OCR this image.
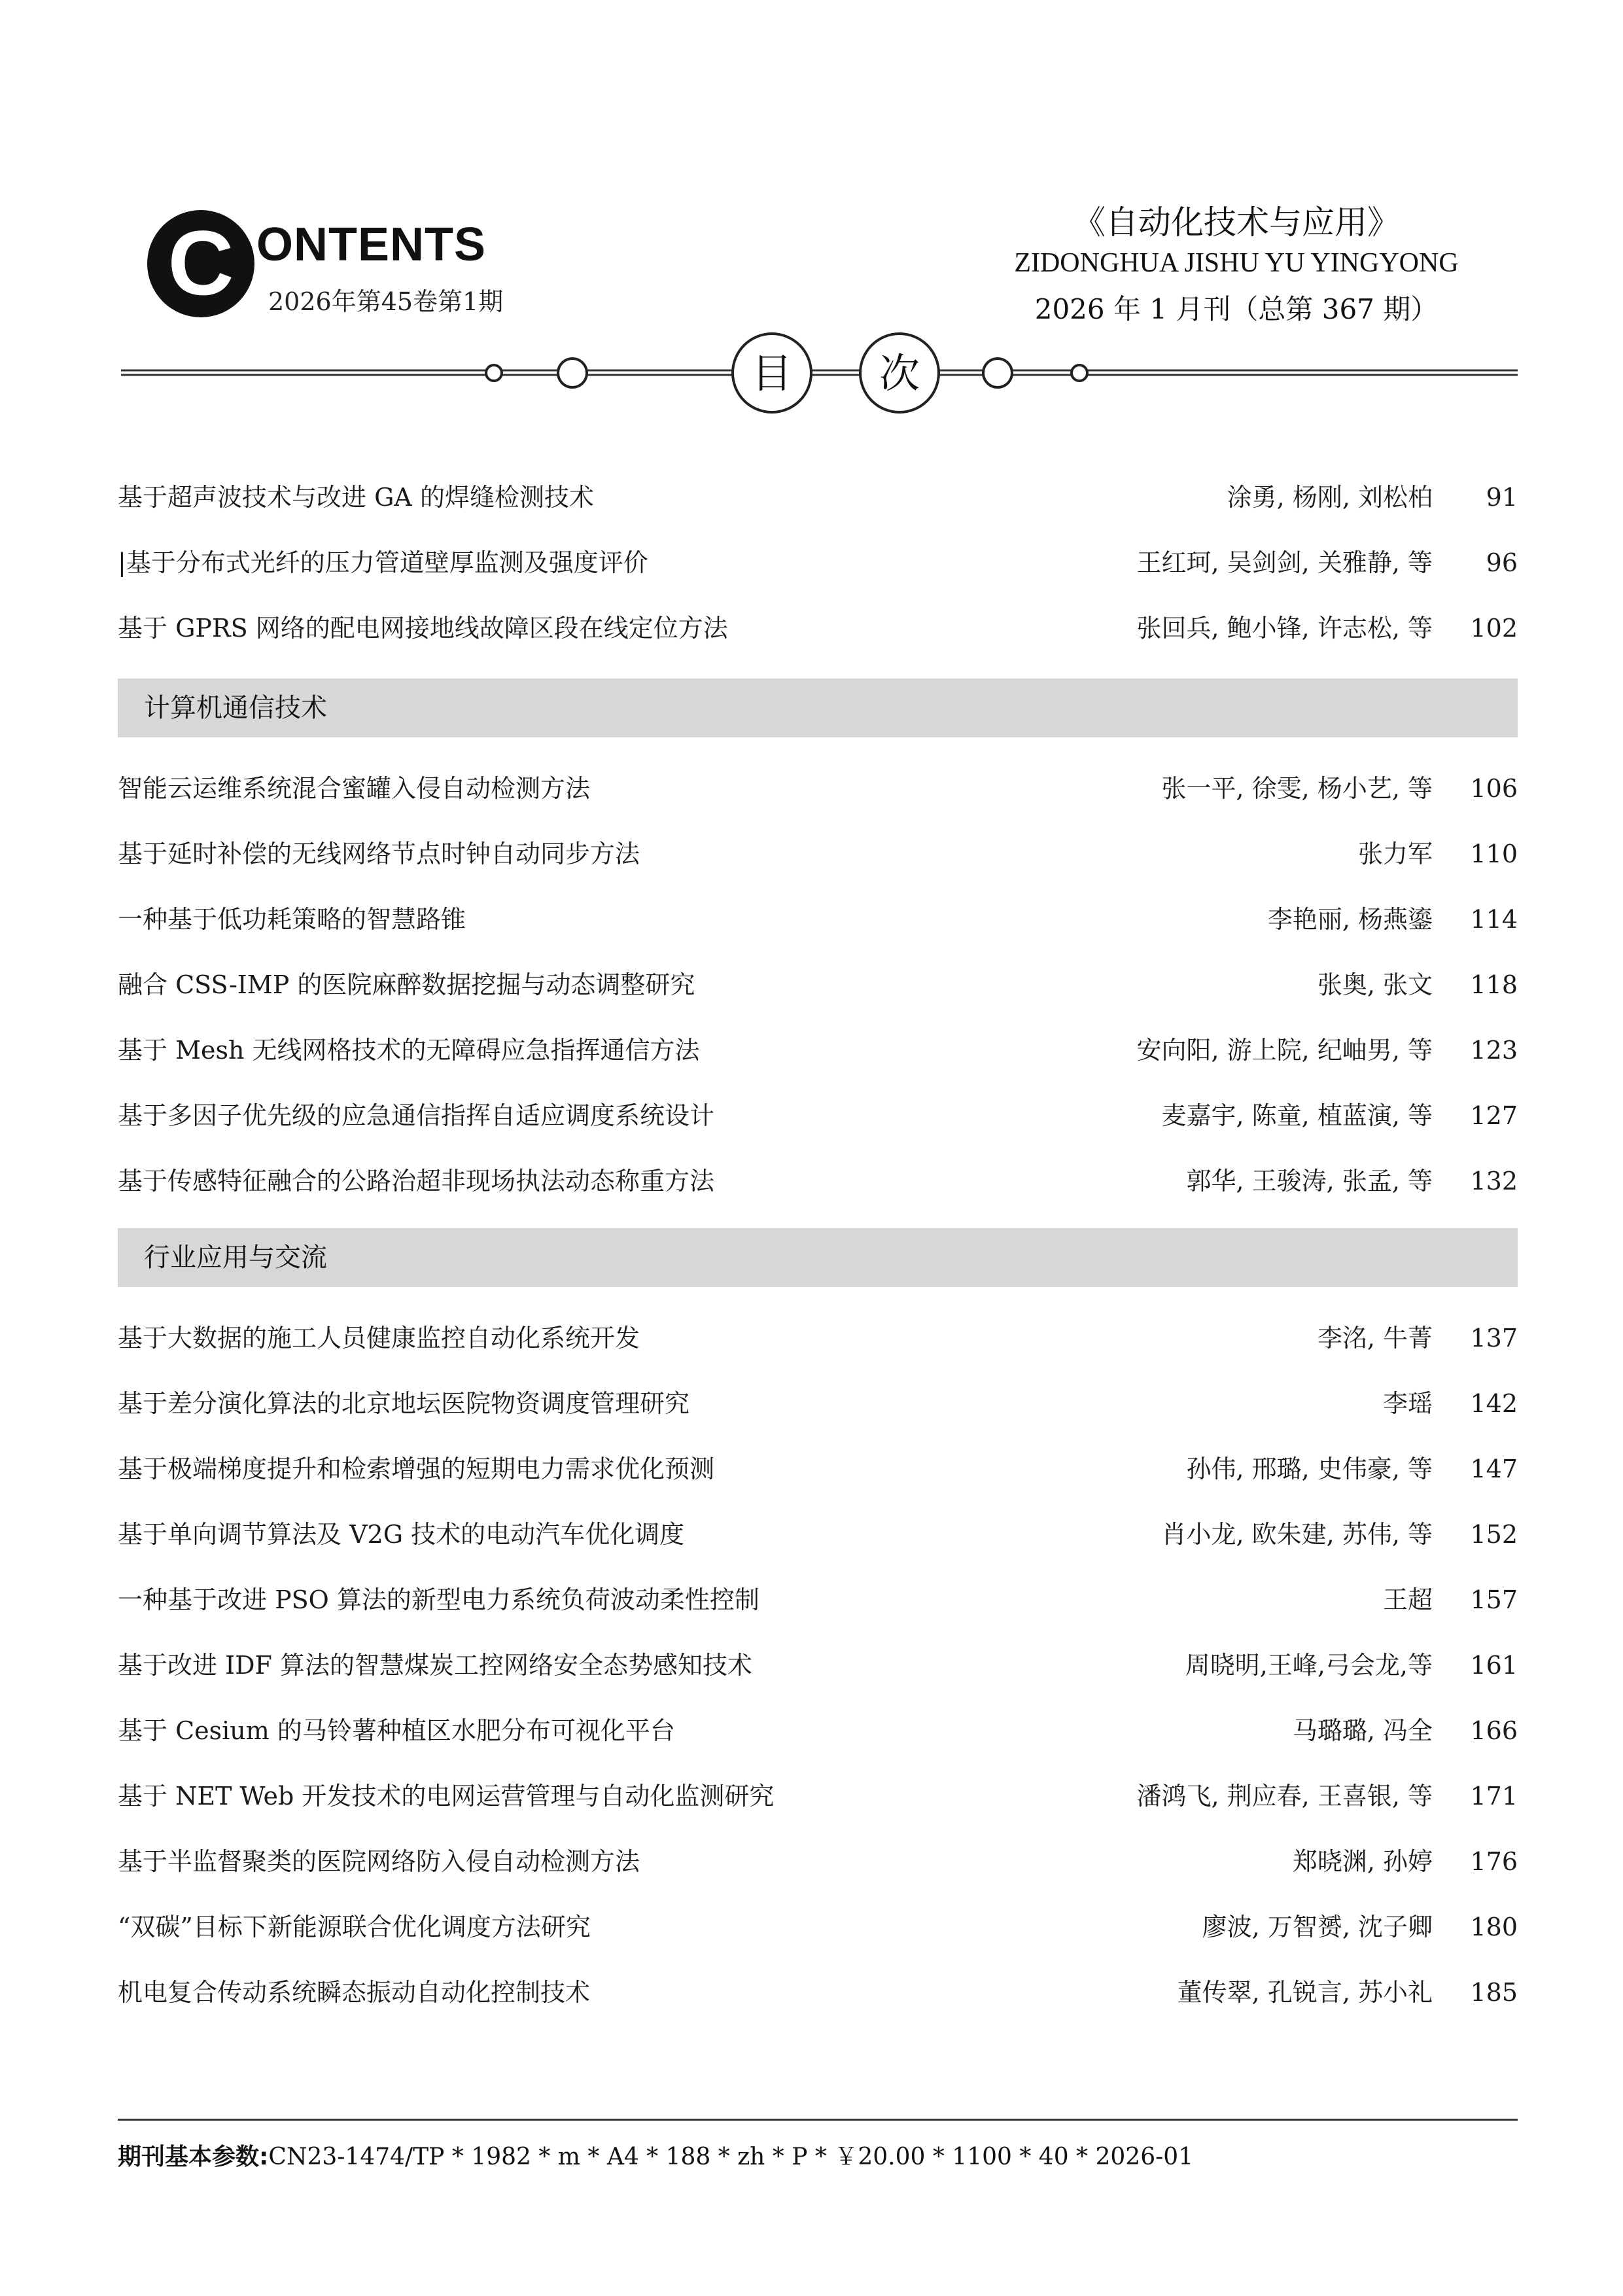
C ONTENTS
2026年第45卷第1期
《自动化技术与应用》
ZIDONGHUA JISHU YU YINGYONG
2026 年 1 月刊（总第 367 期）
目 次
基于超声波技术与改进 GA 的焊缝检测技术	涂勇, 杨刚, 刘松柏	91
|基于分布式光纤的压力管道壁厚监测及强度评价	王红珂, 吴剑剑, 关雅静, 等	96
基于 GPRS 网络的配电网接地线故障区段在线定位方法	张回兵, 鲍小锋, 许志松, 等	102
计算机通信技术
智能云运维系统混合蜜罐入侵自动检测方法	张一平, 徐雯, 杨小艺, 等	106
基于延时补偿的无线网络节点时钟自动同步方法	张力军	110
一种基于低功耗策略的智慧路锥	李艳丽, 杨燕鎏	114
融合 CSS-IMP 的医院麻醉数据挖掘与动态调整研究	张奥, 张文	118
基于 Mesh 无线网格技术的无障碍应急指挥通信方法	安向阳, 游上院, 纪岫男, 等	123
基于多因子优先级的应急通信指挥自适应调度系统设计	麦嘉宇, 陈童, 植蓝演, 等	127
基于传感特征融合的公路治超非现场执法动态称重方法	郭华, 王骏涛, 张孟, 等	132
行业应用与交流
基于大数据的施工人员健康监控自动化系统开发	李洺, 牛菁	137
基于差分演化算法的北京地坛医院物资调度管理研究	李瑶	142
基于极端梯度提升和检索增强的短期电力需求优化预测	孙伟, 邢璐, 史伟豪, 等	147
基于单向调节算法及 V2G 技术的电动汽车优化调度	肖小龙, 欧朱建, 苏伟, 等	152
一种基于改进 PSO 算法的新型电力系统负荷波动柔性控制	王超	157
基于改进 IDF 算法的智慧煤炭工控网络安全态势感知技术	周晓明,王峰,弓会龙,等	161
基于 Cesium 的马铃薯种植区水肥分布可视化平台	马璐璐, 冯全	166
基于 NET Web 开发技术的电网运营管理与自动化监测研究	潘鸿飞, 荆应春, 王喜银, 等	171
基于半监督聚类的医院网络防入侵自动检测方法	郑晓渊, 孙婷	176
“双碳”目标下新能源联合优化调度方法研究	廖波, 万智赟, 沈子卿	180
机电复合传动系统瞬态振动自动化控制技术	董传翠, 孔锐言, 苏小礼	185
期刊基本参数:CN23-1474/TP * 1982 * m * A4 * 188 * zh * P * ￥20.00 * 1100 * 40 * 2026-01
